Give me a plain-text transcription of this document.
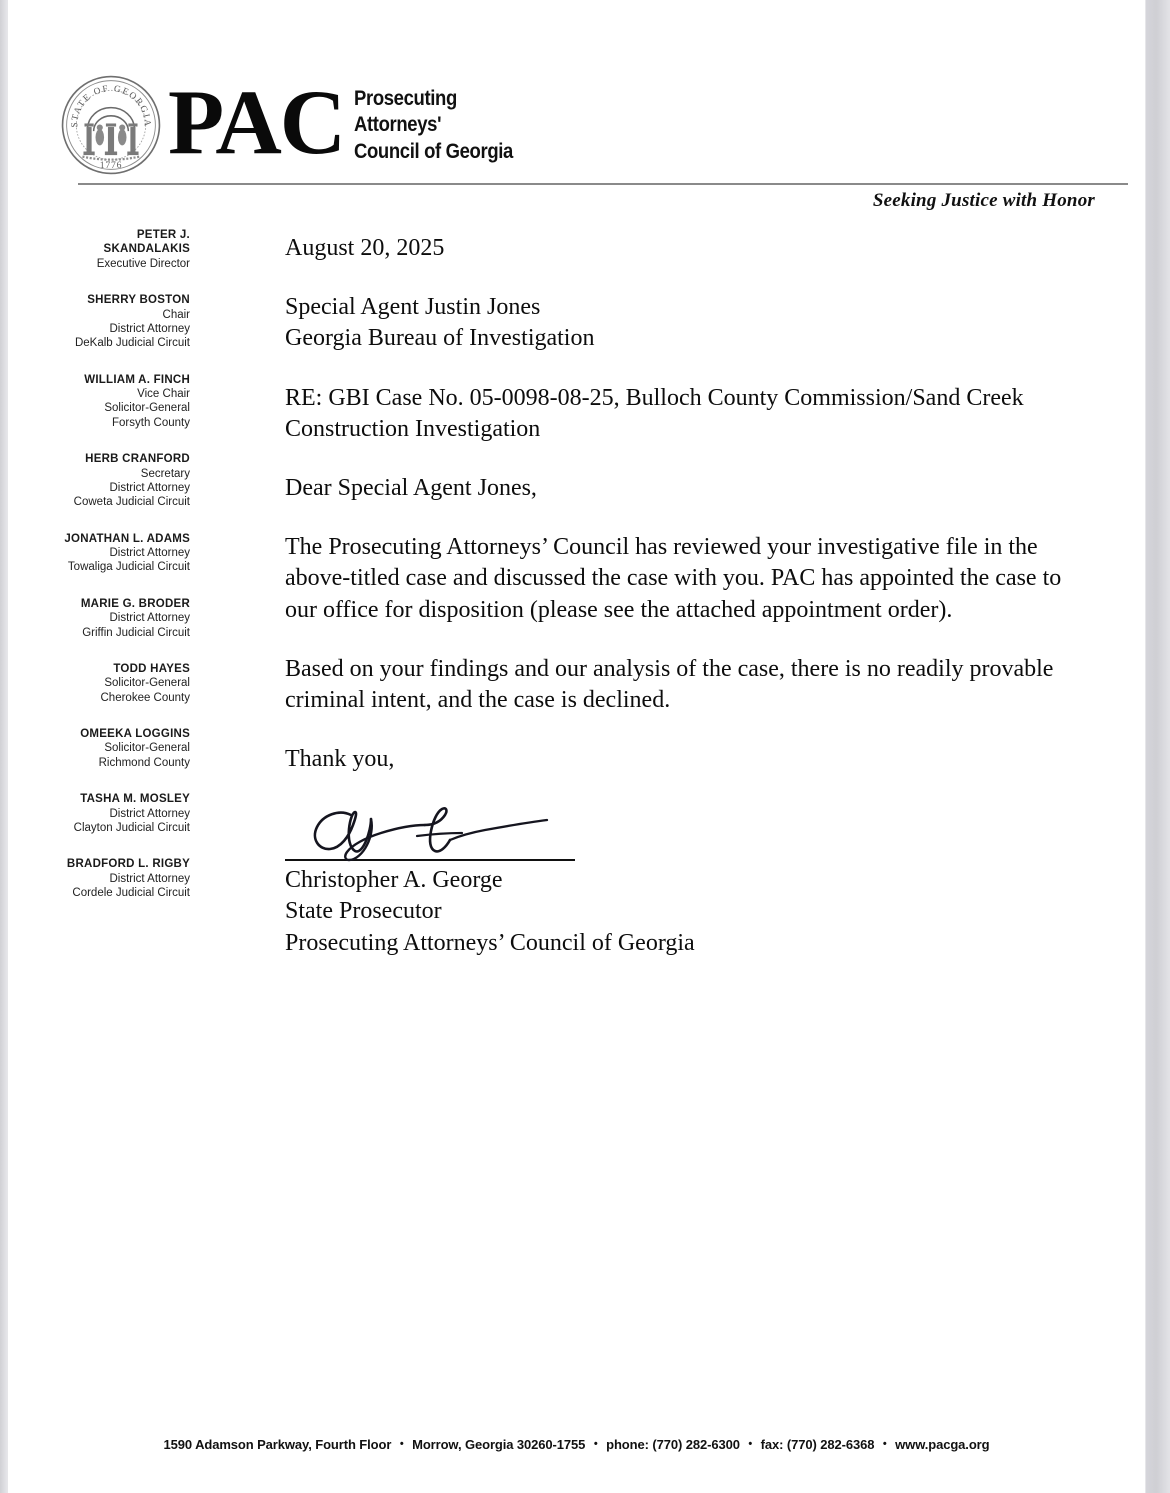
STATE OF GEORGIA
1776 PAC Prosecuting
Attorneys'
Council of Georgia
Seeking Justice with Honor
PETER J. SKANDALAKIS
Executive Director
SHERRY BOSTON
Chair
District Attorney
DeKalb Judicial Circuit
WILLIAM A. FINCH
Vice Chair
Solicitor-General
Forsyth County
HERB CRANFORD
Secretary
District Attorney
Coweta Judicial Circuit
JONATHAN L. ADAMS
District Attorney
Towaliga Judicial Circuit
MARIE G. BRODER
District Attorney
Griffin Judicial Circuit
TODD HAYES
Solicitor-General
Cherokee County
OMEEKA LOGGINS
Solicitor-General
Richmond County
TASHA M. MOSLEY
District Attorney
Clayton Judicial Circuit
BRADFORD L. RIGBY
District Attorney
Cordele Judicial Circuit

August 20, 2025

Special Agent Justin Jones

Georgia Bureau of Investigation

RE: GBI Case No. 05-0098-08-25, Bulloch County Commission/Sand Creek

Construction Investigation

Dear Special Agent Jones,

The Prosecuting Attorneys’ Council has reviewed your investigative file in the above-titled case and discussed the case with you. PAC has appointed the case to our office for disposition (please see the attached appointment order).

Based on your findings and our analysis of the case, there is no readily provable criminal intent, and the case is declined.

Thank you,

Christopher A. George

State Prosecutor

Prosecuting Attorneys’ Council of Georgia

1590 Adamson Parkway, Fourth Floor • Morrow, Georgia 30260-1755 • phone: (770) 282-6300 • fax: (770) 282-6368 • www.pacga.org
